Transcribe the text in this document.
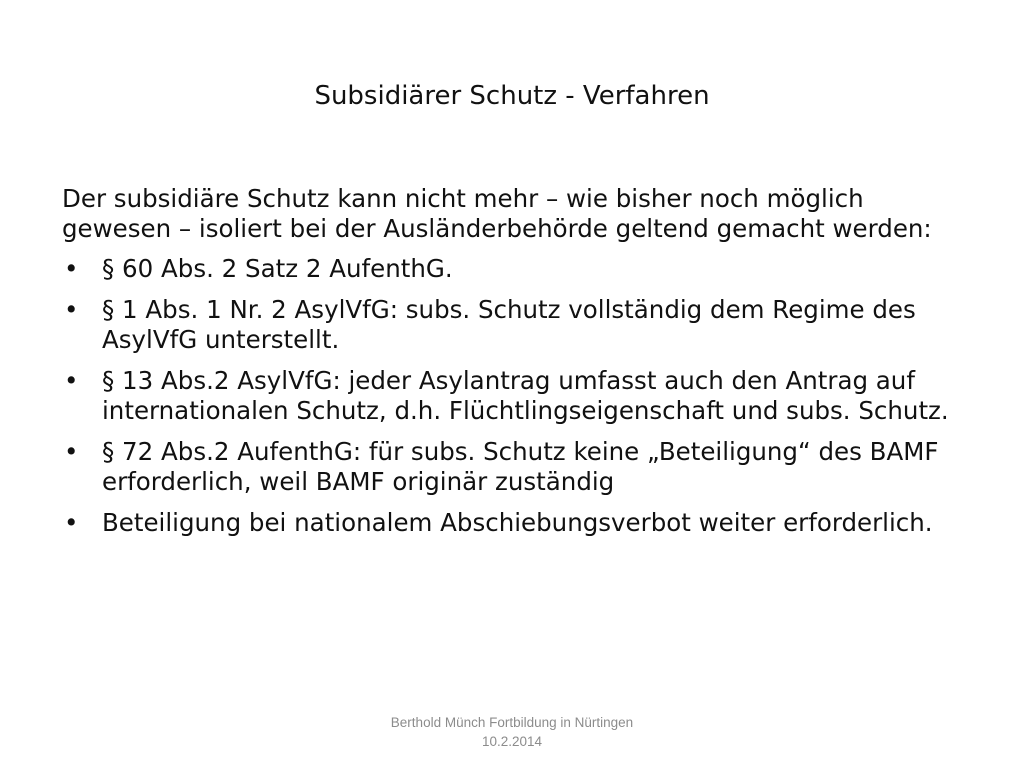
Subsidiärer Schutz - Verfahren

Der subsidiäre Schutz kann nicht mehr – wie bisher noch möglich gewesen – isoliert bei der Ausländerbehörde geltend gemacht werden:

• § 60 Abs. 2 Satz 2 AufenthG.
• § 1 Abs. 1 Nr. 2 AsylVfG: subs. Schutz vollständig dem Regime des AsylVfG unterstellt.
• § 13 Abs.2 AsylVfG: jeder Asylantrag umfasst auch den Antrag auf internationalen Schutz, d.h. Flüchtlingseigenschaft und subs. Schutz.
• § 72 Abs.2 AufenthG: für subs. Schutz keine „Beteiligung“ des BAMF erforderlich, weil BAMF originär zuständig
• Beteiligung bei nationalem Abschiebungsverbot weiter erforderlich.
Berthold Münch Fortbildung in Nürtingen
10.2.2014
